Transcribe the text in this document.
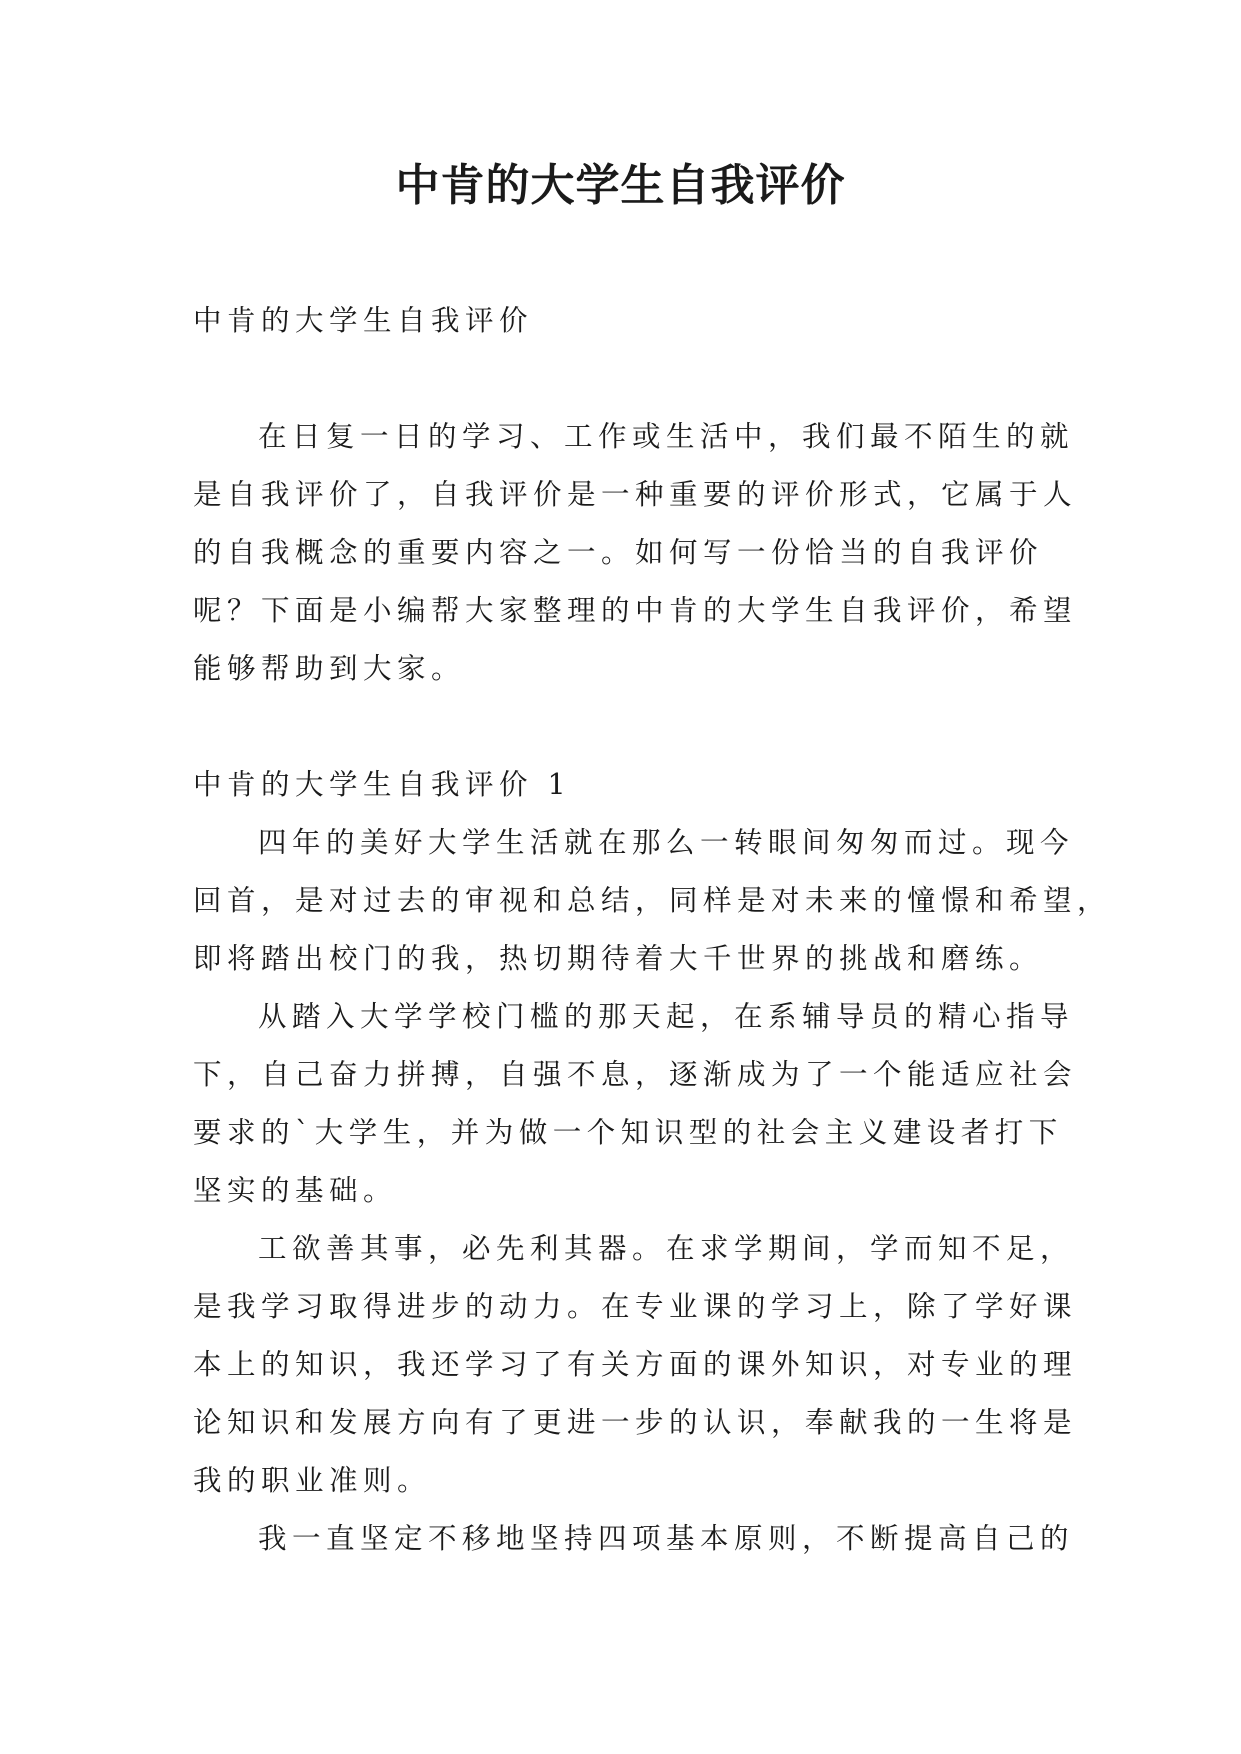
中肯的大学生自我评价

中肯的大学生自我评价

在日复一日的学习、工作或生活中，我们最不陌生的就

是自我评价了，自我评价是一种重要的评价形式，它属于人

的自我概念的重要内容之一。如何写一份恰当的自我评价

呢？下面是小编帮大家整理的中肯的大学生自我评价，希望

能够帮助到大家。

中肯的大学生自我评价 1

四年的美好大学生活就在那么一转眼间匆匆而过。现今

回首，是对过去的审视和总结，同样是对未来的憧憬和希望，

即将踏出校门的我，热切期待着大千世界的挑战和磨练。

从踏入大学学校门槛的那天起，在系辅导员的精心指导

下，自己奋力拼搏，自强不息，逐渐成为了一个能适应社会

要求的`大学生，并为做一个知识型的社会主义建设者打下

坚实的基础。

工欲善其事，必先利其器。在求学期间，学而知不足，

是我学习取得进步的动力。在专业课的学习上，除了学好课

本上的知识，我还学习了有关方面的课外知识，对专业的理

论知识和发展方向有了更进一步的认识，奉献我的一生将是

我的职业准则。

我一直坚定不移地坚持四项基本原则，不断提高自己的
